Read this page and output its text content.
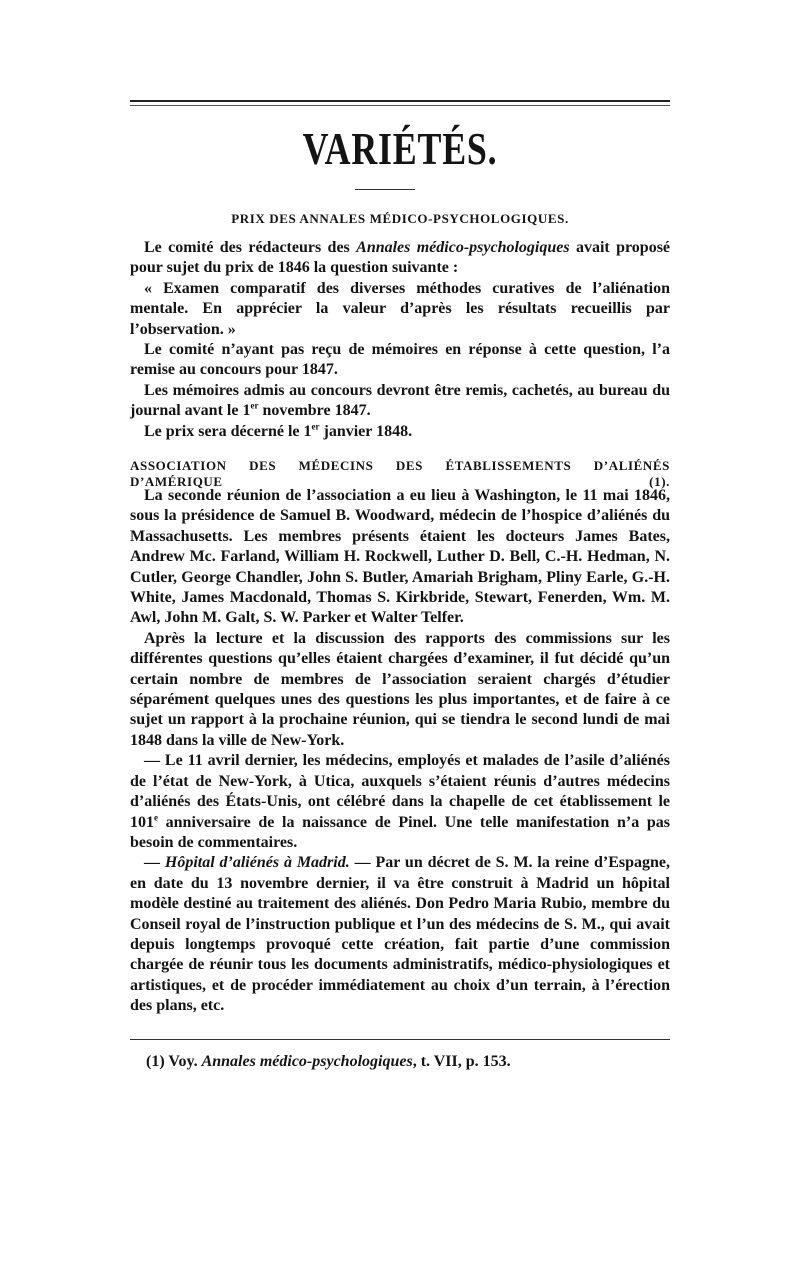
VARIÉTÉS.
PRIX DES ANNALES MÉDICO-PSYCHOLOGIQUES.

Le comité des rédacteurs des Annales médico-psychologiques avait proposé pour sujet du prix de 1846 la question suivante :

« Examen comparatif des diverses méthodes curatives de l’aliénation mentale. En apprécier la valeur d’après les résultats recueillis par l’observation. »

Le comité n’ayant pas reçu de mémoires en réponse à cette question, l’a remise au concours pour 1847.

Les mémoires admis au concours devront être remis, cachetés, au bureau du journal avant le 1er novembre 1847.

Le prix sera décerné le 1er janvier 1848.

ASSOCIATION DES MÉDECINS DES ÉTABLISSEMENTS D’ALIÉNÉS D’AMÉRIQUE (1).

La seconde réunion de l’association a eu lieu à Washington, le 11 mai 1846, sous la présidence de Samuel B. Woodward, médecin de l’hospice d’aliénés du Massachusetts. Les membres présents étaient les docteurs James Bates, Andrew Mc. Farland, William H. Rockwell, Luther D. Bell, C.-H. Hedman, N. Cutler, George Chandler, John S. Butler, Amariah Brigham, Pliny Earle, G.-H. White, James Macdonald, Thomas S. Kirkbride, Stewart, Fenerden, Wm. M. Awl, John M. Galt, S. W. Parker et Walter Telfer.

Après la lecture et la discussion des rapports des commissions sur les différentes questions qu’elles étaient chargées d’examiner, il fut décidé qu’un certain nombre de membres de l’association seraient chargés d’étudier séparément quelques unes des questions les plus importantes, et de faire à ce sujet un rapport à la prochaine réunion, qui se tiendra le second lundi de mai 1848 dans la ville de New-York.

— Le 11 avril dernier, les médecins, employés et malades de l’asile d’aliénés de l’état de New-York, à Utica, auxquels s’étaient réunis d’autres médecins d’aliénés des États-Unis, ont célébré dans la chapelle de cet établissement le 101e anniversaire de la naissance de Pinel. Une telle manifestation n’a pas besoin de commentaires.

— Hôpital d’aliénés à Madrid. — Par un décret de S. M. la reine d’Espagne, en date du 13 novembre dernier, il va être construit à Madrid un hôpital modèle destiné au traitement des aliénés. Don Pedro Maria Rubio, membre du Conseil royal de l’instruction publique et l’un des médecins de S. M., qui avait depuis longtemps provoqué cette création, fait partie d’une commission chargée de réunir tous les documents administratifs, médico-physiologiques et artistiques, et de procéder immédiatement au choix d’un terrain, à l’érection des plans, etc.

(1) Voy. Annales médico-psychologiques, t. VII, p. 153.
